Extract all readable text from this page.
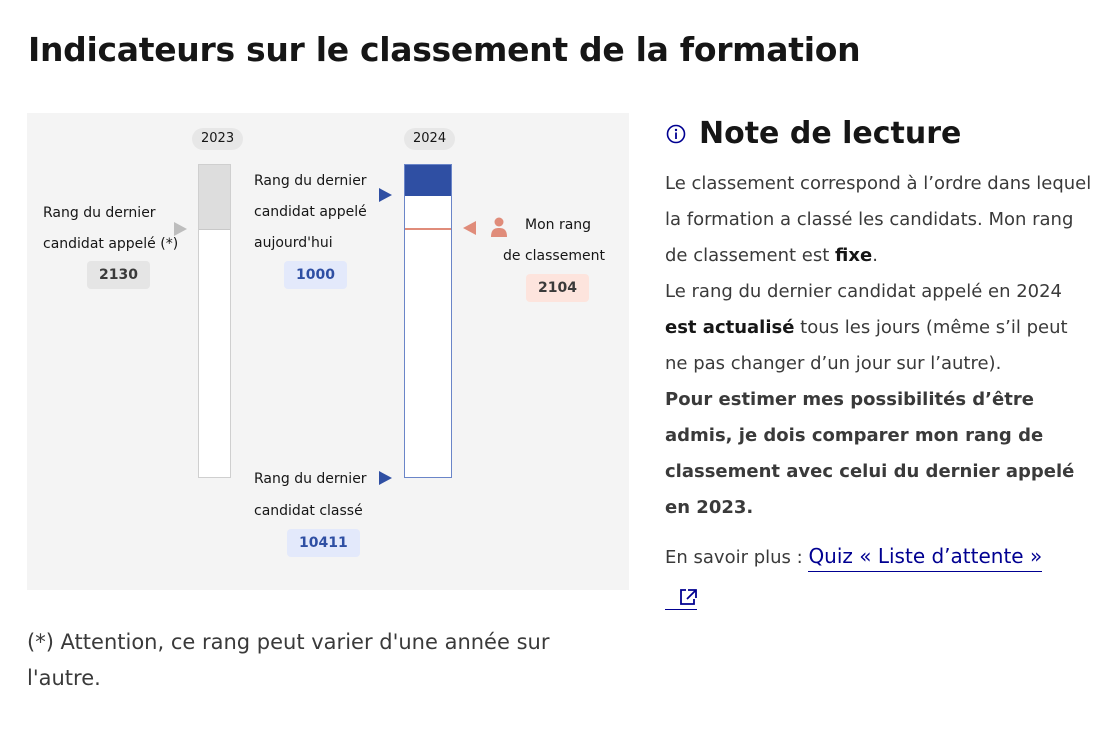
Indicateurs sur le classement de la formation
2023	2024
Rang du dernier
candidat appelé (*)
2130
Rang du dernier
candidat appelé
aujourd'hui
1000
Mon rang
de classement
2104
Rang du dernier
candidat classé
10411

(*) Attention, ce rang peut varier d'une année sur l'autre.

Note de lecture
Le classement correspond à l’ordre dans lequel la formation a classé les candidats. Mon rang de classement est fixe.
Le rang du dernier candidat appelé en 2024 est actualisé tous les jours (même s’il peut ne pas changer d’un jour sur l’autre).
Pour estimer mes possibilités d’être admis, je dois comparer mon rang de classement avec celui du dernier appelé en 2023.
En savoir plus : Quiz « Liste d’attente »
